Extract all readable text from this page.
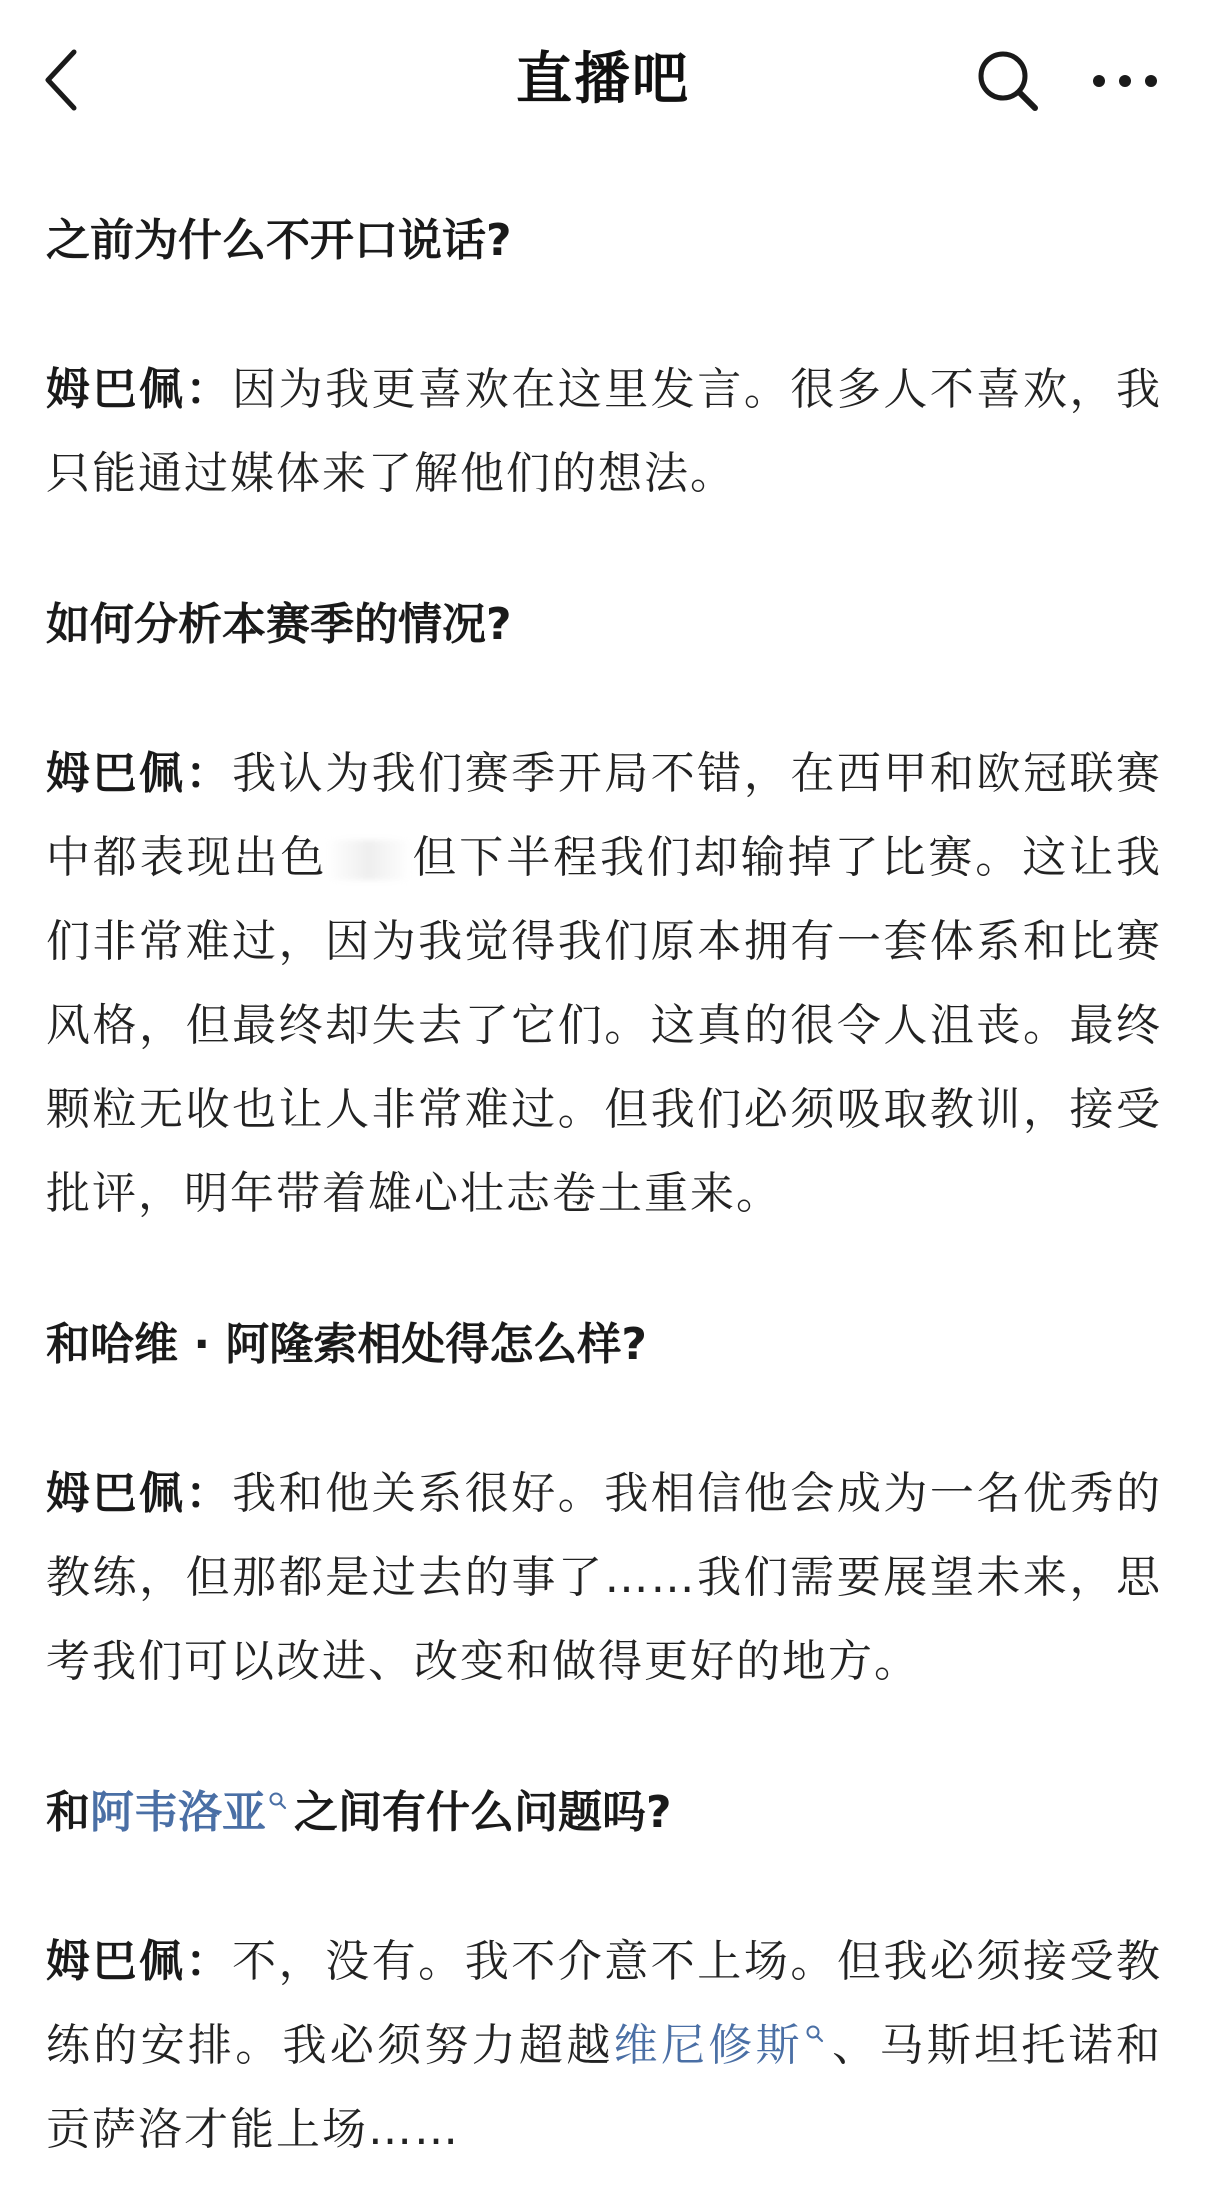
直播吧

之前为什么不开口说话?

姆巴佩：因为我更喜欢在这里发言。很多人不喜欢，我只能通过媒体来了解他们的想法。

如何分析本赛季的情况?

姆巴佩：我认为我们赛季开局不错，在西甲和欧冠联赛中都表现出色 但下半程我们却输掉了比赛。这让我们非常难过，因为我觉得我们原本拥有一套体系和比赛风格，但最终却失去了它们。这真的很令人沮丧。最终颗粒无收也让人非常难过。但我们必须吸取教训，接受批评，明年带着雄心壮志卷土重来。

和哈维 · 阿隆索相处得怎么样?

姆巴佩：我和他关系很好。我相信他会成为一名优秀的教练，但那都是过去的事了……我们需要展望未来，思考我们可以改进、改变和做得更好的地方。

和阿韦洛亚 之间有什么问题吗?

姆巴佩：不，没有。我不介意不上场。但我必须接受教练的安排。我必须努力超越维尼修斯 、马斯坦托诺和贡萨洛才能上场……
